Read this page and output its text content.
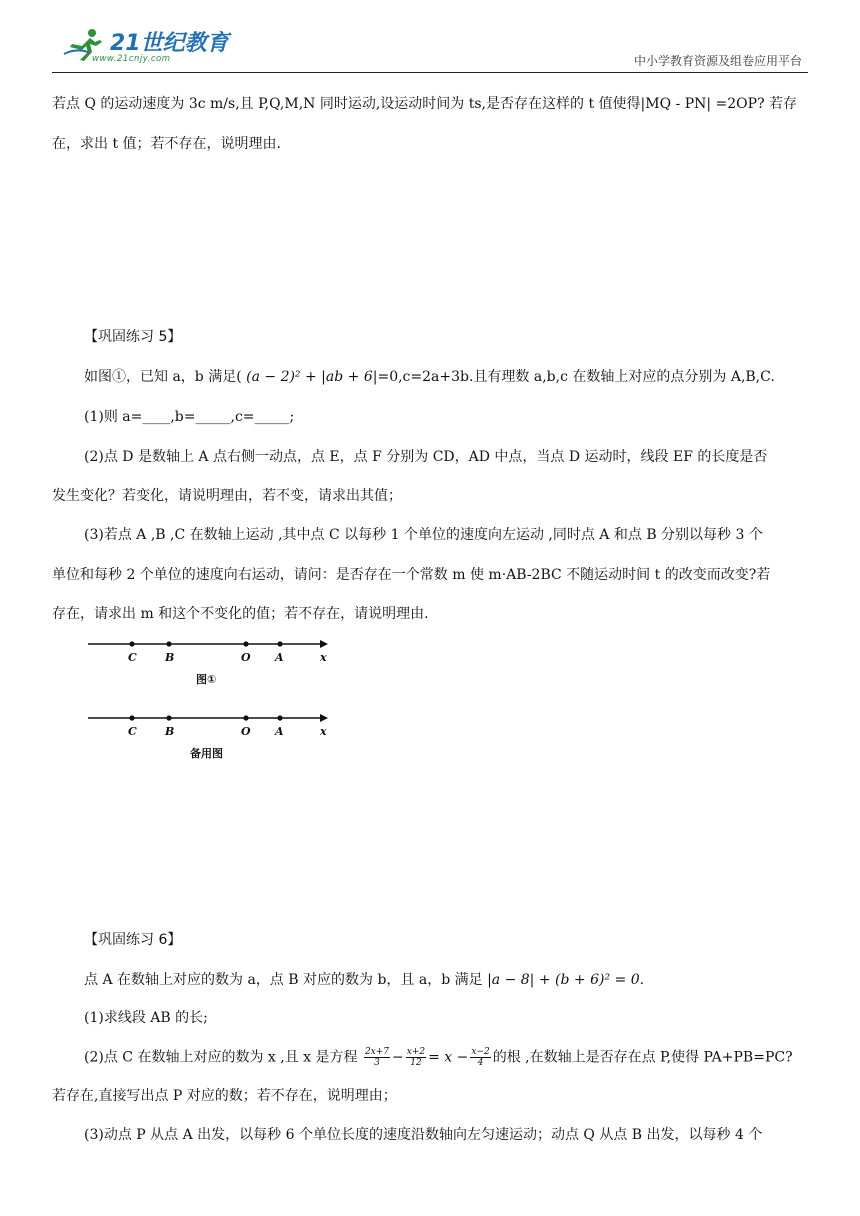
21世纪教育
www.21cnjy.com	中小学教育资源及组卷应用平台
若点 Q 的运动速度为 3c m/s,且 P,Q,M,N 同时运动,设运动时间为 ts,是否存在这样的 t 值使得|MQ - PN| =2OP? 若存
在，求出 t 值；若不存在，说明理由.
【巩固练习 5】
如图①，已知 a，b 满足( (a − 2)² + |ab + 6|=0,c=2a+3b.且有理数 a,b,c 在数轴上对应的点分别为 A,B,C.
(1)则 a=____,b=_____,c=_____;
(2)点 D 是数轴上 A 点右侧一动点，点 E，点 F 分别为 CD，AD 中点，当点 D 运动时，线段 EF 的长度是否
发生变化？若变化，请说明理由，若不变，请求出其值；
(3)若点 A ,B ,C 在数轴上运动 ,其中点 C 以每秒 1 个单位的速度向左运动 ,同时点 A 和点 B 分别以每秒 3 个
单位和每秒 2 个单位的速度向右运动，请问：是否存在一个常数 m 使 m·AB-2BC 不随运动时间 t 的改变而改变?若
存在，请求出 m 和这个不变化的值；若不存在，请说明理由.
C	B	O A	x
图①
C	B	O A	x
备用图
【巩固练习 6】
点 A 在数轴上对应的数为 a，点 B 对应的数为 b，且 a，b 满足 |a − 8| + (b + 6)² = 0.
(1)求线段 AB 的长;
(2)点 C 在数轴上对应的数为 x ,且 x 是方程 $\frac{2x+7}{3} - \frac{x+2}{12} = x - \frac{x-2}{4}$ 的根 ,在数轴上是否存在点 P,使得 PA+PB=PC?
若存在,直接写出点 P 对应的数；若不存在，说明理由；
(3)动点 P 从点 A 出发，以每秒 6 个单位长度的速度沿数轴向左匀速运动；动点 Q 从点 B 出发，以每秒 4 个
